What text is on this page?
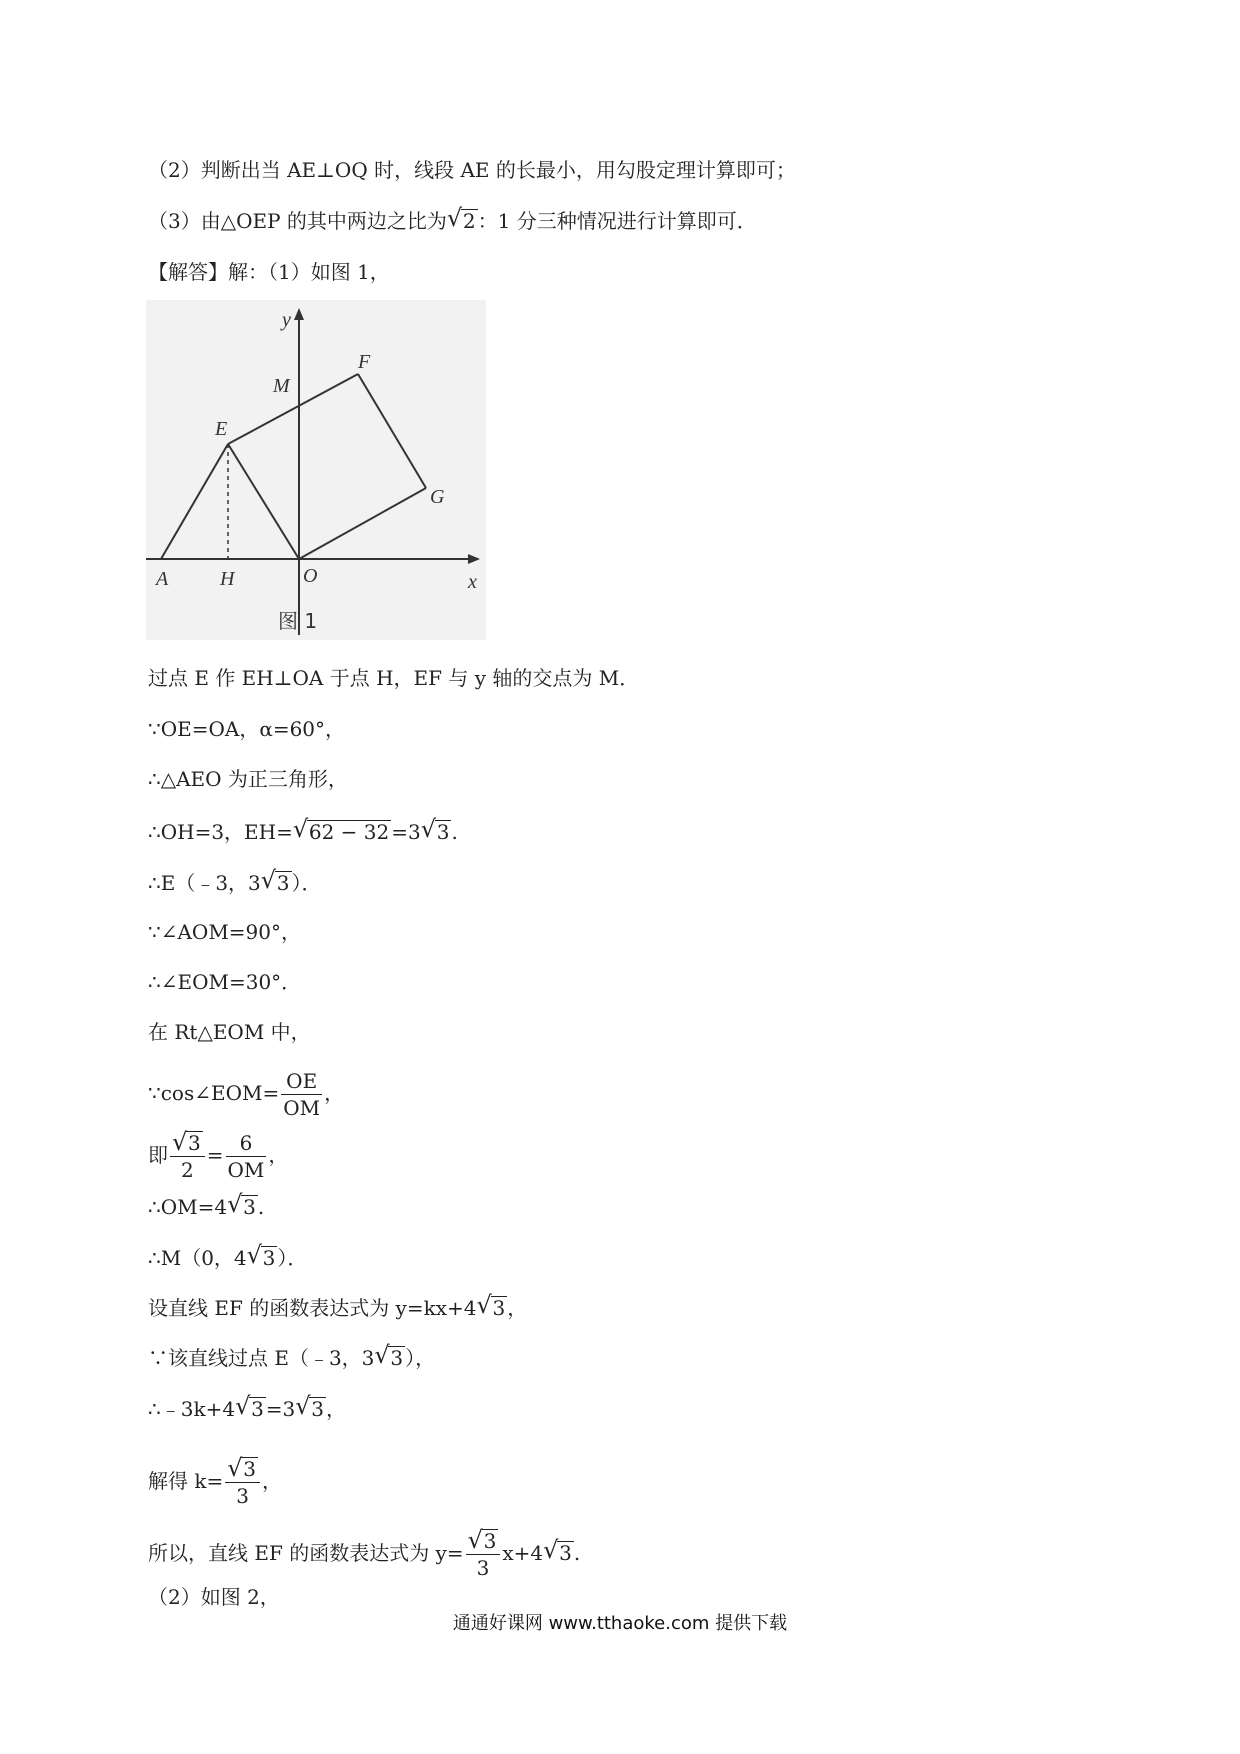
（2）判断出当 AE⊥OQ 时，线段 AE 的长最小，用勾股定理计算即可；
（3）由△OEP 的其中两边之比为√ 2 ：1 分三种情况进行计算即可．
【解答】解：（1）如图 1，
y
x
M
F
E
G
A	H	O
图 1
过点 E 作 EH⊥OA 于点 H，EF 与 y 轴的交点为 M．
∵OE=OA，α=60°，
∴△AEO 为正三角形，
∴OH=3，EH=√ 62 − 32 =3√ 3 .
∴E（﹣3，3√ 3 ）．
∵∠AOM=90°，
∴∠EOM=30°．
在 Rt△EOM 中，
∵cos∠EOM= $\frac{OE}{OM}$ ，
即
√ $\frac{3}{2} = \frac{6}{OM}$ ，
∴OM=4√ 3 .
∴M（0，4√ 3 ）．
设直线 EF 的函数表达式为 y=kx+4√ 3 ，
∵该直线过点 E（﹣3，3√ 3 ），
∴﹣3k+4√ 3 =3√ 3 ，
解得 k=
√ $\frac{3}{3}$ ，
所以，直线 EF 的函数表达式为 y=
√ $\frac{3}{3} x+4√$ 3 .
（2）如图 2，
通通好课网 www.tthaoke.com 提供下载
